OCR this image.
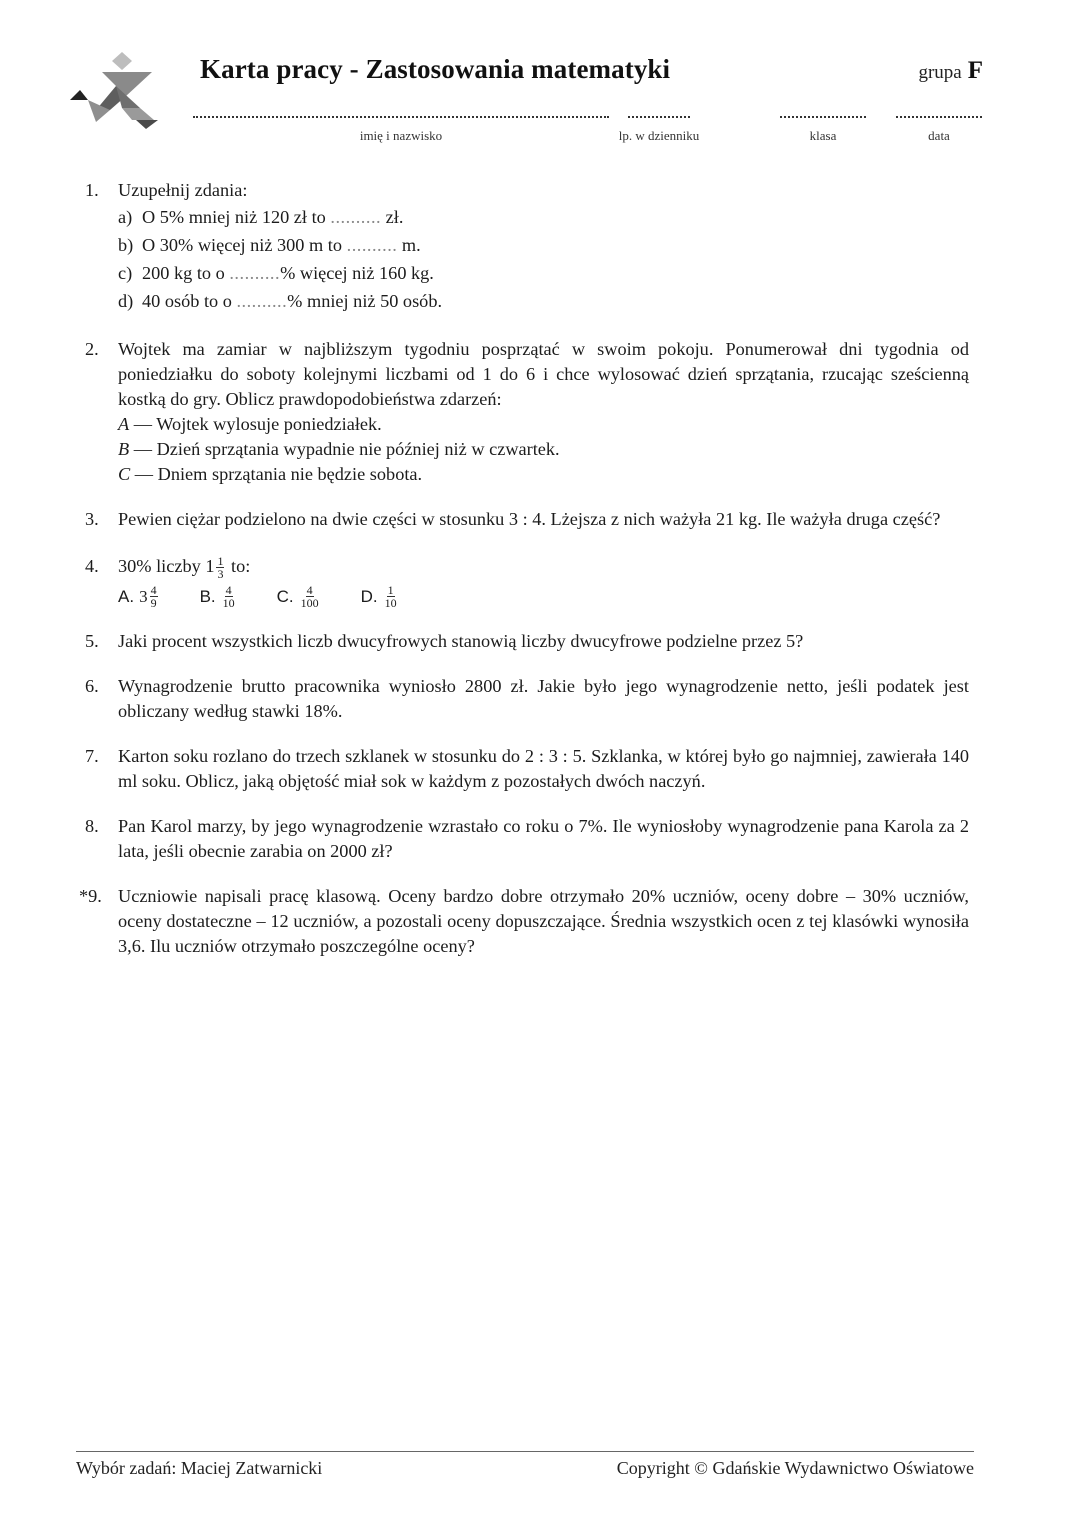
Karta pracy - Zastosowania matematyki	grupa F
imię i nazwisko	lp. w dzienniku	klasa	data
1.	Uzupełnij zdania:
a) O 5% mniej niż 120 zł to
..........
zł.
b) O 30% więcej niż 300 m to
..........
m.
c) 200 kg to o
.......... % więcej niż 160 kg.
d) 40 osób to o
.......... % mniej niż 50 osób.
2.	Wojtek ma zamiar w najbliższym tygodniu posprzątać w swoim pokoju. Ponumerował dni tygodnia od poniedziałku do soboty kolejnymi liczbami od 1 do 6 i chce wylosować dzień sprzątania, rzucając sześcienną kostką do gry. Oblicz prawdopodobieństwa zdarzeń:
A — Wojtek wylosuje poniedziałek.
B — Dzień sprzątania wypadnie nie później niż w czwartek.
C — Dniem sprzątania nie będzie sobota.
3.	Pewien ciężar podzielono na dwie części w stosunku 3 : 4. Lżejsza z nich ważyła 21 kg. Ile ważyła druga część?
4.	30% liczby $1 \frac{1}{3}$ to:
A. $3 \frac{4}{9} B$. $\frac{4}{10} C$. $\frac{4}{100} D$. $\frac{1}{10}$
5.	Jaki procent wszystkich liczb dwucyfrowych stanowią liczby dwucyfrowe podzielne przez 5?
6.	Wynagrodzenie brutto pracownika wyniosło 2800 zł. Jakie było jego wynagrodzenie netto, jeśli podatek jest obliczany według stawki 18%.
7.	Karton soku rozlano do trzech szklanek w stosunku do 2 : 3 : 5. Szklanka, w której było go najmniej, zawierała 140 ml soku. Oblicz, jaką objętość miał sok w każdym z pozostałych dwóch naczyń.
8.	Pan Karol marzy, by jego wynagrodzenie wzrastało co roku o 7%. Ile wyniosłoby wynagrodzenie pana Karola za 2 lata, jeśli obecnie zarabia on 2000 zł?
*9. Uczniowie napisali pracę klasową. Oceny bardzo dobre otrzymało 20% uczniów, oceny dobre – 30% uczniów, oceny dostateczne – 12 uczniów, a pozostali oceny dopuszczające. Średnia wszystkich ocen z tej klasówki wynosiła 3,6. Ilu uczniów otrzymało poszczególne oceny?
Wybór zadań: Maciej Zatwarnicki	Copyright © Gdańskie Wydawnictwo Oświatowe
